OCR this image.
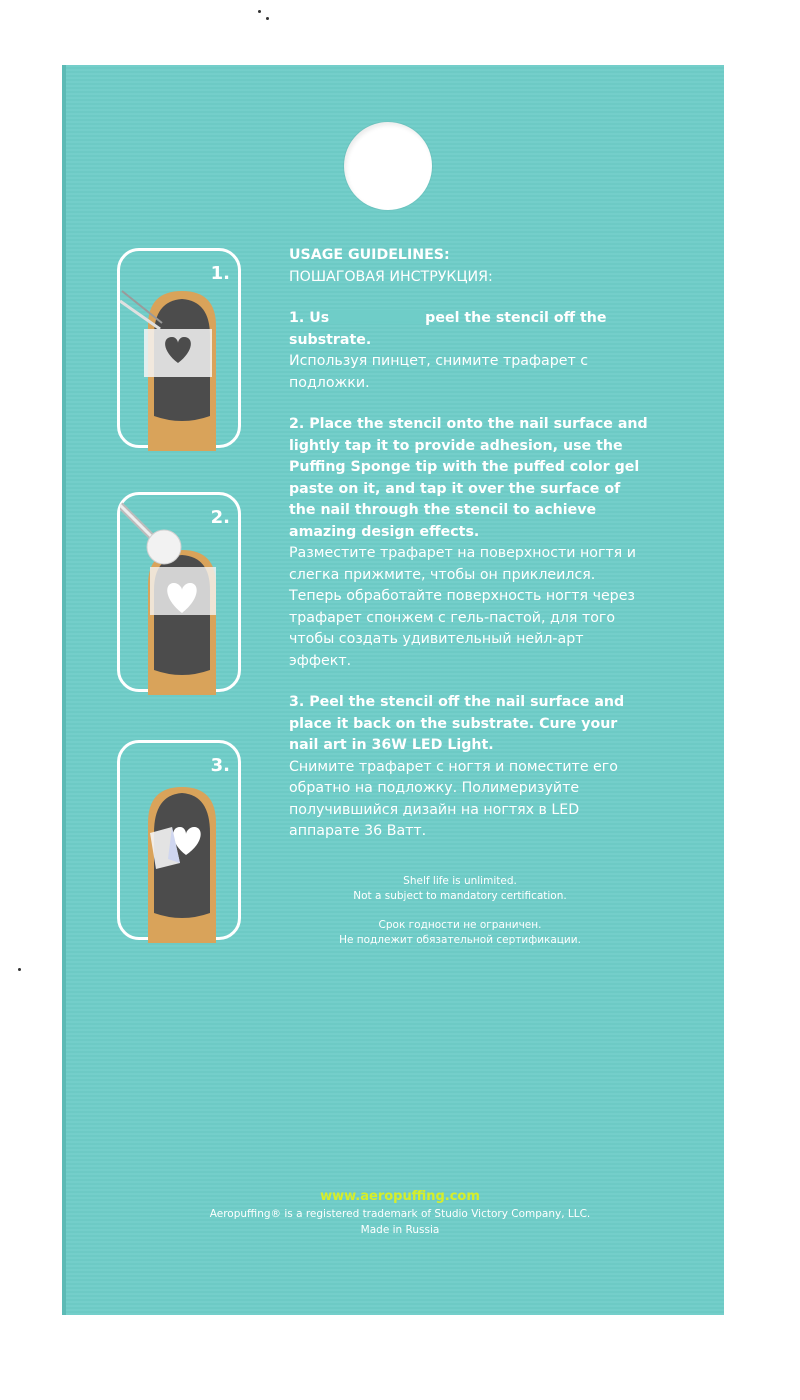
1.
2.
3.

USAGE GUIDELINES:

ПОШАГОВАЯ ИНСТРУКЦИЯ:

1. Us	peel the stencil off the substrate.

Используя пинцет, снимите трафарет с подложки.

2. Place the stencil onto the nail surface and lightly tap it to provide adhesion, use the Puffing Sponge tip with the puffed color gel paste on it, and tap it over the surface of the nail through the stencil to achieve amazing design effects.

Разместите трафарет на поверхности ногтя и слегка прижмите, чтобы он приклеился. Теперь обработайте поверхность ногтя через трафарет спонжем с гель-пастой, для того чтобы создать удивительный нейл-арт эффект.

3. Peel the stencil off the nail surface and place it back on the substrate. Cure your nail art in 36W LED Light.

Снимите трафарет с ногтя и поместите его обратно на подложку. Полимеризуйте получившийся дизайн на ногтях в LED аппарате 36 Ватт.

Shelf life is unlimited.
Not a subject to mandatory certification.
Срок годности не ограничен.
Не подлежит обязательной сертификации.
www.aeropuffing.com
Aeropuffing® is a registered trademark of Studio Victory Company, LLC.
Made in Russia
